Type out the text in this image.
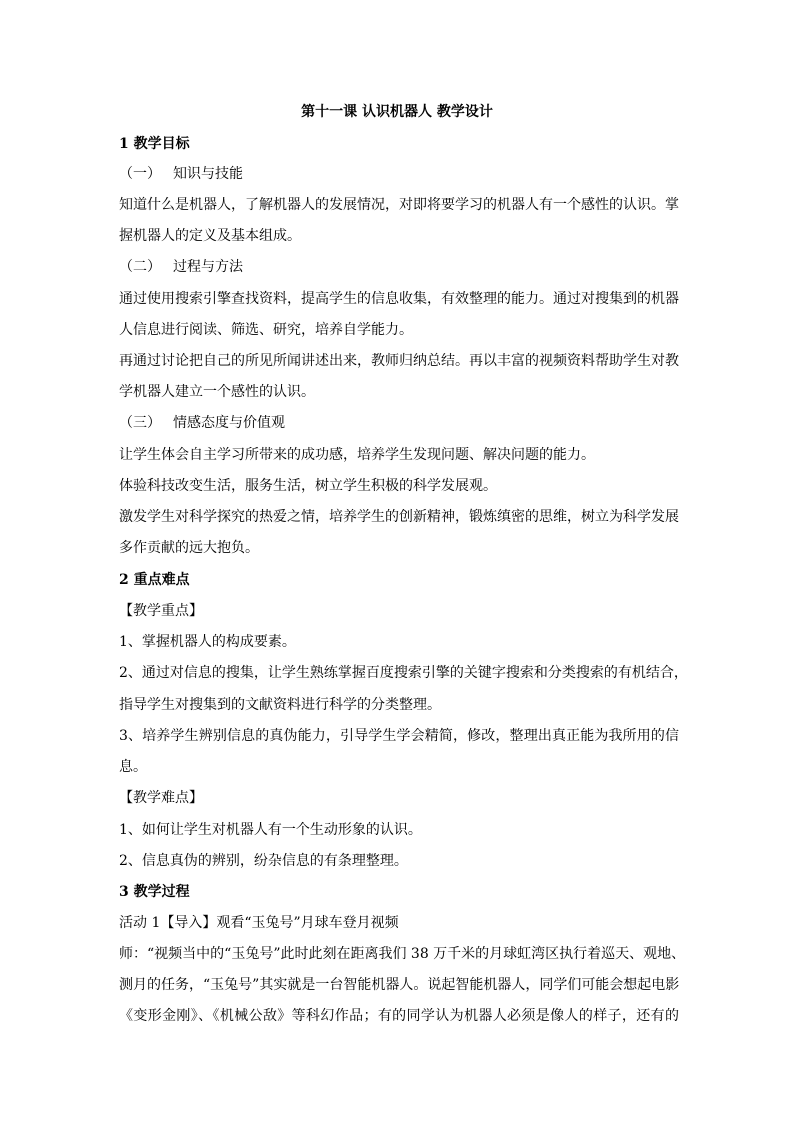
第十一课 认识机器人 教学设计
1 教学目标
（一） 知识与技能
知道什么是机器人，了解机器人的发展情况，对即将要学习的机器人有一个感性的认识。掌
握机器人的定义及基本组成。
（二） 过程与方法
通过使用搜索引擎查找资料，提高学生的信息收集，有效整理的能力。通过对搜集到的机器
人信息进行阅读、筛选、研究，培养自学能力。
再通过讨论把自己的所见所闻讲述出来，教师归纳总结。再以丰富的视频资料帮助学生对教
学机器人建立一个感性的认识。
（三） 情感态度与价值观
让学生体会自主学习所带来的成功感，培养学生发现问题、解决问题的能力。
体验科技改变生活，服务生活，树立学生积极的科学发展观。
激发学生对科学探究的热爱之情，培养学生的创新精神，锻炼缜密的思维，树立为科学发展
多作贡献的远大抱负。
2 重点难点
【教学重点】
1、掌握机器人的构成要素。
2、通过对信息的搜集，让学生熟练掌握百度搜索引擎的关键字搜索和分类搜索的有机结合，
指导学生对搜集到的文献资料进行科学的分类整理。
3、培养学生辨别信息的真伪能力，引导学生学会精简，修改，整理出真正能为我所用的信
息。
【教学难点】
1、如何让学生对机器人有一个生动形象的认识。
2、信息真伪的辨别，纷杂信息的有条理整理。
3 教学过程
活动 1【导入】观看“玉兔号”月球车登月视频
师：“视频当中的“玉兔号”此时此刻在距离我们 38 万千米的月球虹湾区执行着巡天、观地、
测月的任务，“玉兔号”其实就是一台智能机器人。说起智能机器人，同学们可能会想起电影
《变形金刚》、《机械公敌》等科幻作品；有的同学认为机器人必须是像人的样子，还有的
